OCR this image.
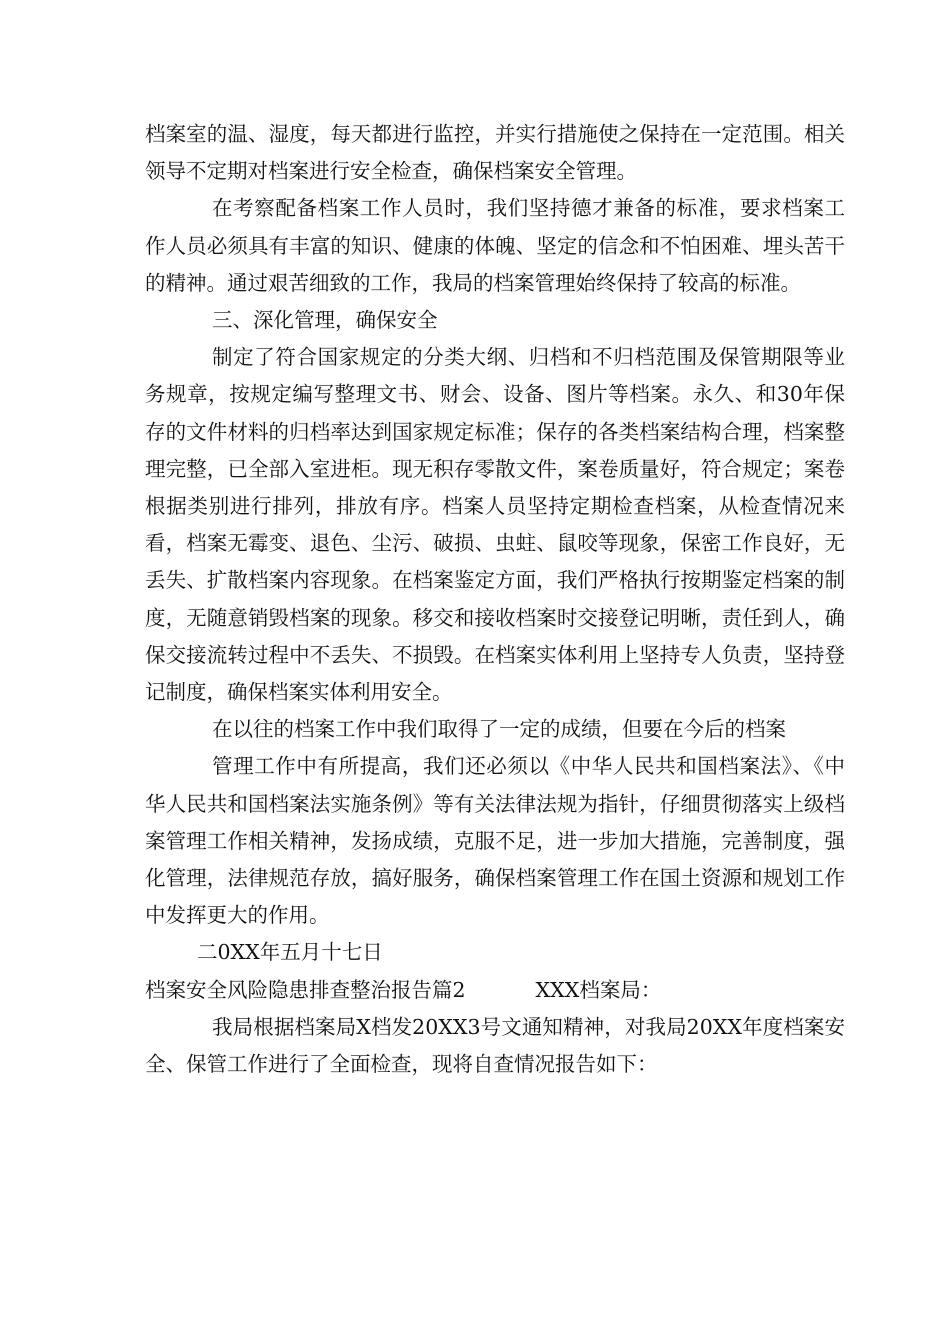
档案室的温、湿度，每天都进行监控，并实行措施使之保持在一定范围。相关领导不定期对档案进行安全检查，确保档案安全管理。

在考察配备档案工作人员时，我们坚持德才兼备的标准，要求档案工作人员必须具有丰富的知识、健康的体魄、坚定的信念和不怕困难、埋头苦干的精神。通过艰苦细致的工作，我局的档案管理始终保持了较高的标准。

三、深化管理，确保安全

制定了符合国家规定的分类大纲、归档和不归档范围及保管期限等业务规章，按规定编写整理文书、财会、设备、图片等档案。永久、和30年保存的文件材料的归档率达到国家规定标准；保存的各类档案结构合理，档案整理完整，已全部入室进柜。现无积存零散文件，案卷质量好，符合规定；案卷根据类别进行排列，排放有序。档案人员坚持定期检查档案，从检查情况来看，档案无霉变、退色、尘污、破损、虫蛀、鼠咬等现象，保密工作良好，无丢失、扩散档案内容现象。在档案鉴定方面，我们严格执行按期鉴定档案的制度，无随意销毁档案的现象。移交和接收档案时交接登记明晰，责任到人，确保交接流转过程中不丢失、不损毁。在档案实体利用上坚持专人负责，坚持登记制度，确保档案实体利用安全。

在以往的档案工作中我们取得了一定的成绩，但要在今后的档案

管理工作中有所提高，我们还必须以《中华人民共和国档案法》、《中华人民共和国档案法实施条例》等有关法律法规为指针，仔细贯彻落实上级档案管理工作相关精神，发扬成绩，克服不足，进一步加大措施，完善制度，强化管理，法律规范存放，搞好服务，确保档案管理工作在国土资源和规划工作中发挥更大的作用。

二0XX年五月十七日

档案安全风险隐患排查整治报告篇2	XXX档案局：

我局根据档案局X档发20XX3号文通知精神，对我局20XX年度档案安全、保管工作进行了全面检查，现将自查情况报告如下：
